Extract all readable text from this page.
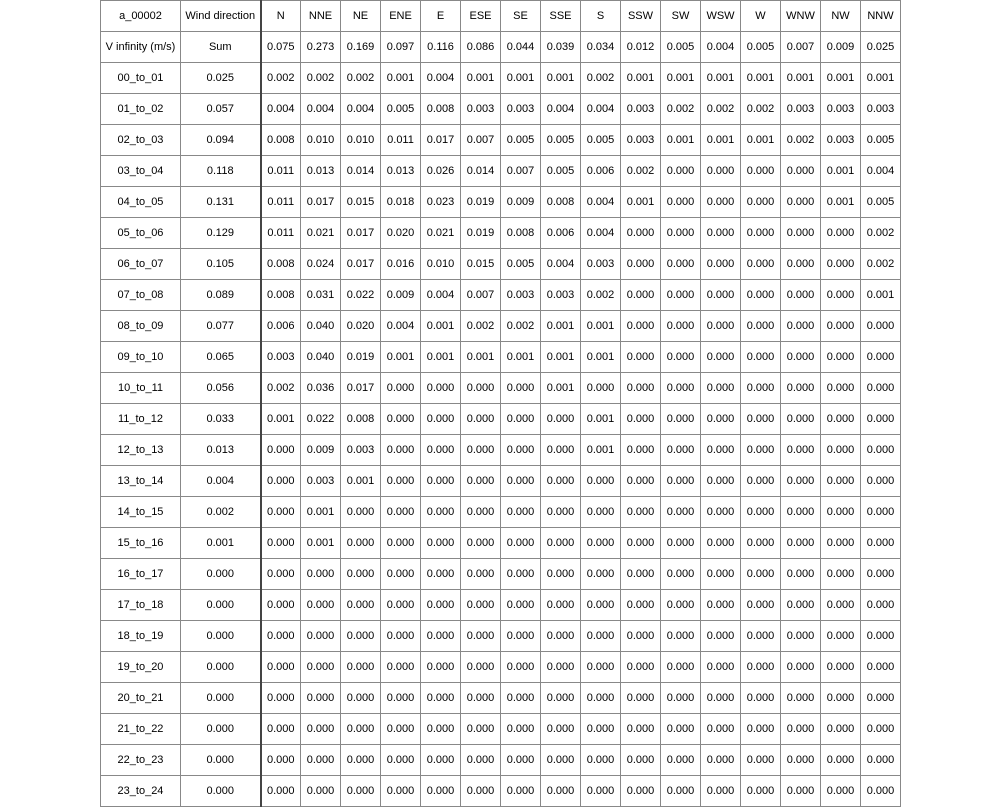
a_00002	Wind direction	N	NNE	NE	ENE	E	ESE	SE	SSE	S	SSW	SW	WSW	W	WNW	NW	NNW
V infinity (m/s)	Sum	0.075	0.273	0.169	0.097	0.116	0.086	0.044	0.039	0.034	0.012	0.005	0.004	0.005	0.007	0.009	0.025
00_to_01	0.025	0.002	0.002	0.002	0.001	0.004	0.001	0.001	0.001	0.002	0.001	0.001	0.001	0.001	0.001	0.001	0.001
01_to_02	0.057	0.004	0.004	0.004	0.005	0.008	0.003	0.003	0.004	0.004	0.003	0.002	0.002	0.002	0.003	0.003	0.003
02_to_03	0.094	0.008	0.010	0.010	0.011	0.017	0.007	0.005	0.005	0.005	0.003	0.001	0.001	0.001	0.002	0.003	0.005
03_to_04	0.118	0.011	0.013	0.014	0.013	0.026	0.014	0.007	0.005	0.006	0.002	0.000	0.000	0.000	0.000	0.001	0.004
04_to_05	0.131	0.011	0.017	0.015	0.018	0.023	0.019	0.009	0.008	0.004	0.001	0.000	0.000	0.000	0.000	0.001	0.005
05_to_06	0.129	0.011	0.021	0.017	0.020	0.021	0.019	0.008	0.006	0.004	0.000	0.000	0.000	0.000	0.000	0.000	0.002
06_to_07	0.105	0.008	0.024	0.017	0.016	0.010	0.015	0.005	0.004	0.003	0.000	0.000	0.000	0.000	0.000	0.000	0.002
07_to_08	0.089	0.008	0.031	0.022	0.009	0.004	0.007	0.003	0.003	0.002	0.000	0.000	0.000	0.000	0.000	0.000	0.001
08_to_09	0.077	0.006	0.040	0.020	0.004	0.001	0.002	0.002	0.001	0.001	0.000	0.000	0.000	0.000	0.000	0.000	0.000
09_to_10	0.065	0.003	0.040	0.019	0.001	0.001	0.001	0.001	0.001	0.001	0.000	0.000	0.000	0.000	0.000	0.000	0.000
10_to_11	0.056	0.002	0.036	0.017	0.000	0.000	0.000	0.000	0.001	0.000	0.000	0.000	0.000	0.000	0.000	0.000	0.000
11_to_12	0.033	0.001	0.022	0.008	0.000	0.000	0.000	0.000	0.000	0.001	0.000	0.000	0.000	0.000	0.000	0.000	0.000
12_to_13	0.013	0.000	0.009	0.003	0.000	0.000	0.000	0.000	0.000	0.001	0.000	0.000	0.000	0.000	0.000	0.000	0.000
13_to_14	0.004	0.000	0.003	0.001	0.000	0.000	0.000	0.000	0.000	0.000	0.000	0.000	0.000	0.000	0.000	0.000	0.000
14_to_15	0.002	0.000	0.001	0.000	0.000	0.000	0.000	0.000	0.000	0.000	0.000	0.000	0.000	0.000	0.000	0.000	0.000
15_to_16	0.001	0.000	0.001	0.000	0.000	0.000	0.000	0.000	0.000	0.000	0.000	0.000	0.000	0.000	0.000	0.000	0.000
16_to_17	0.000	0.000	0.000	0.000	0.000	0.000	0.000	0.000	0.000	0.000	0.000	0.000	0.000	0.000	0.000	0.000	0.000
17_to_18	0.000	0.000	0.000	0.000	0.000	0.000	0.000	0.000	0.000	0.000	0.000	0.000	0.000	0.000	0.000	0.000	0.000
18_to_19	0.000	0.000	0.000	0.000	0.000	0.000	0.000	0.000	0.000	0.000	0.000	0.000	0.000	0.000	0.000	0.000	0.000
19_to_20	0.000	0.000	0.000	0.000	0.000	0.000	0.000	0.000	0.000	0.000	0.000	0.000	0.000	0.000	0.000	0.000	0.000
20_to_21	0.000	0.000	0.000	0.000	0.000	0.000	0.000	0.000	0.000	0.000	0.000	0.000	0.000	0.000	0.000	0.000	0.000
21_to_22	0.000	0.000	0.000	0.000	0.000	0.000	0.000	0.000	0.000	0.000	0.000	0.000	0.000	0.000	0.000	0.000	0.000
22_to_23	0.000	0.000	0.000	0.000	0.000	0.000	0.000	0.000	0.000	0.000	0.000	0.000	0.000	0.000	0.000	0.000	0.000
23_to_24	0.000	0.000	0.000	0.000	0.000	0.000	0.000	0.000	0.000	0.000	0.000	0.000	0.000	0.000	0.000	0.000	0.000
